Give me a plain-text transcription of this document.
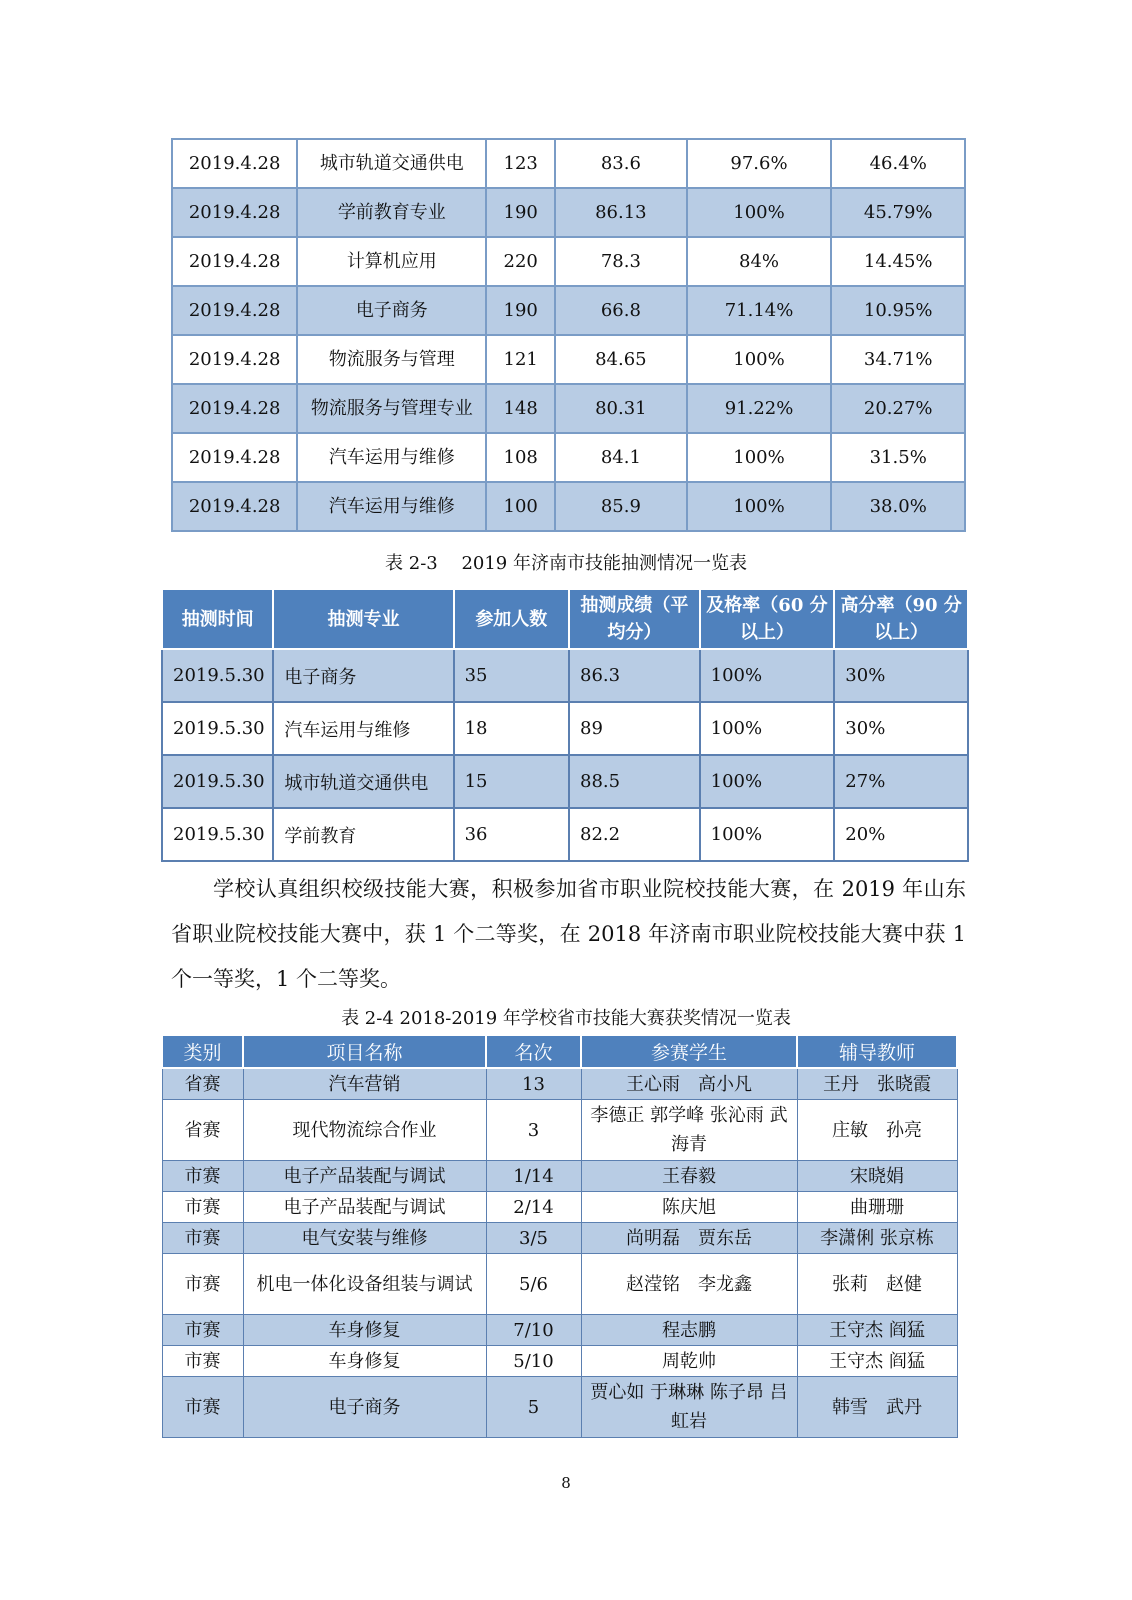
2019.4.28	城市轨道交通供电	123	83.6	97.6%	46.4%
2019.4.28	学前教育专业	190	86.13	100%	45.79%
2019.4.28	计算机应用	220	78.3	84%	14.45%
2019.4.28	电子商务	190	66.8	71.14%	10.95%
2019.4.28	物流服务与管理	121	84.65	100%	34.71%
2019.4.28	物流服务与管理专业	148	80.31	91.22%	20.27%
2019.4.28	汽车运用与维修	108	84.1	100%	31.5%
2019.4.28	汽车运用与维修	100	85.9	100%	38.0%
表 2-3　 2019 年济南市技能抽测情况一览表
抽测时间	抽测专业	参加人数	抽测成绩（平均分）	及格率（60 分以上）	高分率（90 分以上）
2019.5.30	电子商务	35	86.3	100%	30%
2019.5.30	汽车运用与维修	18	89	100%	30%
2019.5.30	城市轨道交通供电	15	88.5	100%	27%
2019.5.30	学前教育	36	82.2	100%	20%

学校认真组织校级技能大赛，积极参加省市职业院校技能大赛，在 2019 年山东省职业院校技能大赛中，获 1 个二等奖，在 2018 年济南市职业院校技能大赛中获 1 个一等奖，1 个二等奖。

表 2-4 2018-2019 年学校省市技能大赛获奖情况一览表
类别	项目名称	名次	参赛学生	辅导教师
省赛	汽车营销	13	王心雨　高小凡	王丹　张晓霞
省赛	现代物流综合作业	3	李德正 郭学峰 张沁雨 武海青	庄敏　孙亮
市赛	电子产品装配与调试	1/14	王春毅	宋晓娟
市赛	电子产品装配与调试	2/14	陈庆旭	曲珊珊
市赛	电气安装与维修	3/5	尚明磊　贾东岳	李潇俐 张京栋
市赛	机电一体化设备组装与调试	5/6	赵滢铭　李龙鑫	张莉　赵健
市赛	车身修复	7/10	程志鹏	王守杰 阎猛
市赛	车身修复	5/10	周乾帅	王守杰 阎猛
市赛	电子商务	5	贾心如 于琳琳 陈子昂 吕虹岩	韩雪　武丹
8
